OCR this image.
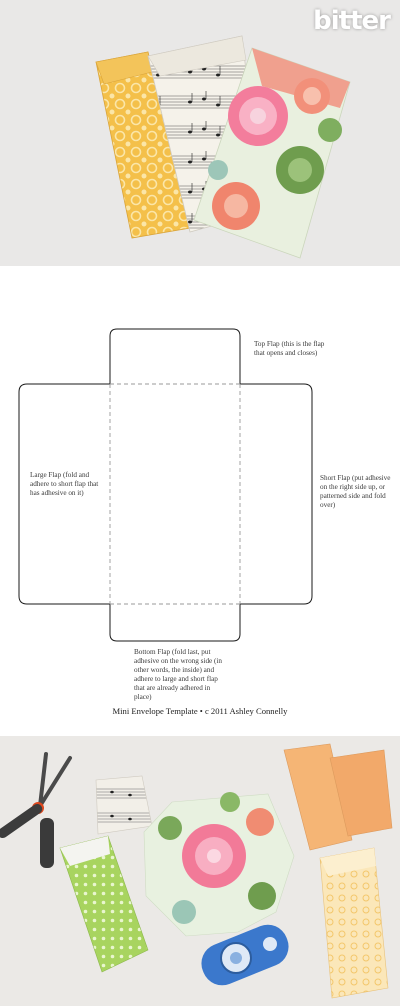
bitter
Top Flap (this is the flap
that opens and closes)
Large Flap (fold and
adhere to short flap that
has adhesive on it)
Short Flap (put adhesive
on the right side up, or
patterned side and fold
over)
Bottom Flap (fold last, put
adhesive on the wrong side (in
other words, the inside) and
adhere to large and short flap
that are already adhered in
place)
Mini Envelope Template • c 2011 Ashley Connelly
